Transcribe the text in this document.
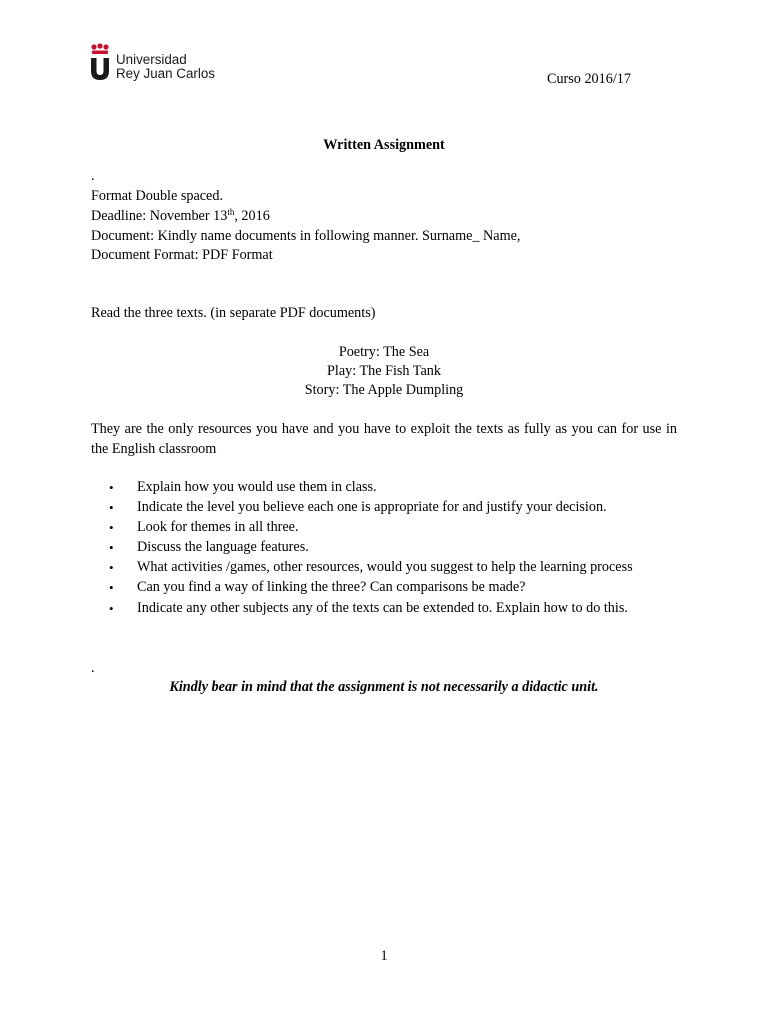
Universidad
Rey Juan Carlos	Curso 2016/17
Written Assignment
.
Format Double spaced.
Deadline: November 13th, 2016
Document: Kindly name documents in following manner. Surname_ Name,
Document Format: PDF Format
Read the three texts. (in separate PDF documents)
Poetry: The Sea
Play: The Fish Tank
Story: The Apple Dumpling
They are the only resources you have and you have to exploit the texts as fully as you can for use in the English classroom
• Explain how you would use them in class.
• Indicate the level you believe each one is appropriate for and justify your decision.
• Look for themes in all three.
• Discuss the language features.
• What activities /games, other resources, would you suggest to help the learning process
• Can you find a way of linking the three? Can comparisons be made?
• Indicate any other subjects any of the texts can be extended to. Explain how to do this.
.
Kindly bear in mind that the assignment is not necessarily a didactic unit.
1
